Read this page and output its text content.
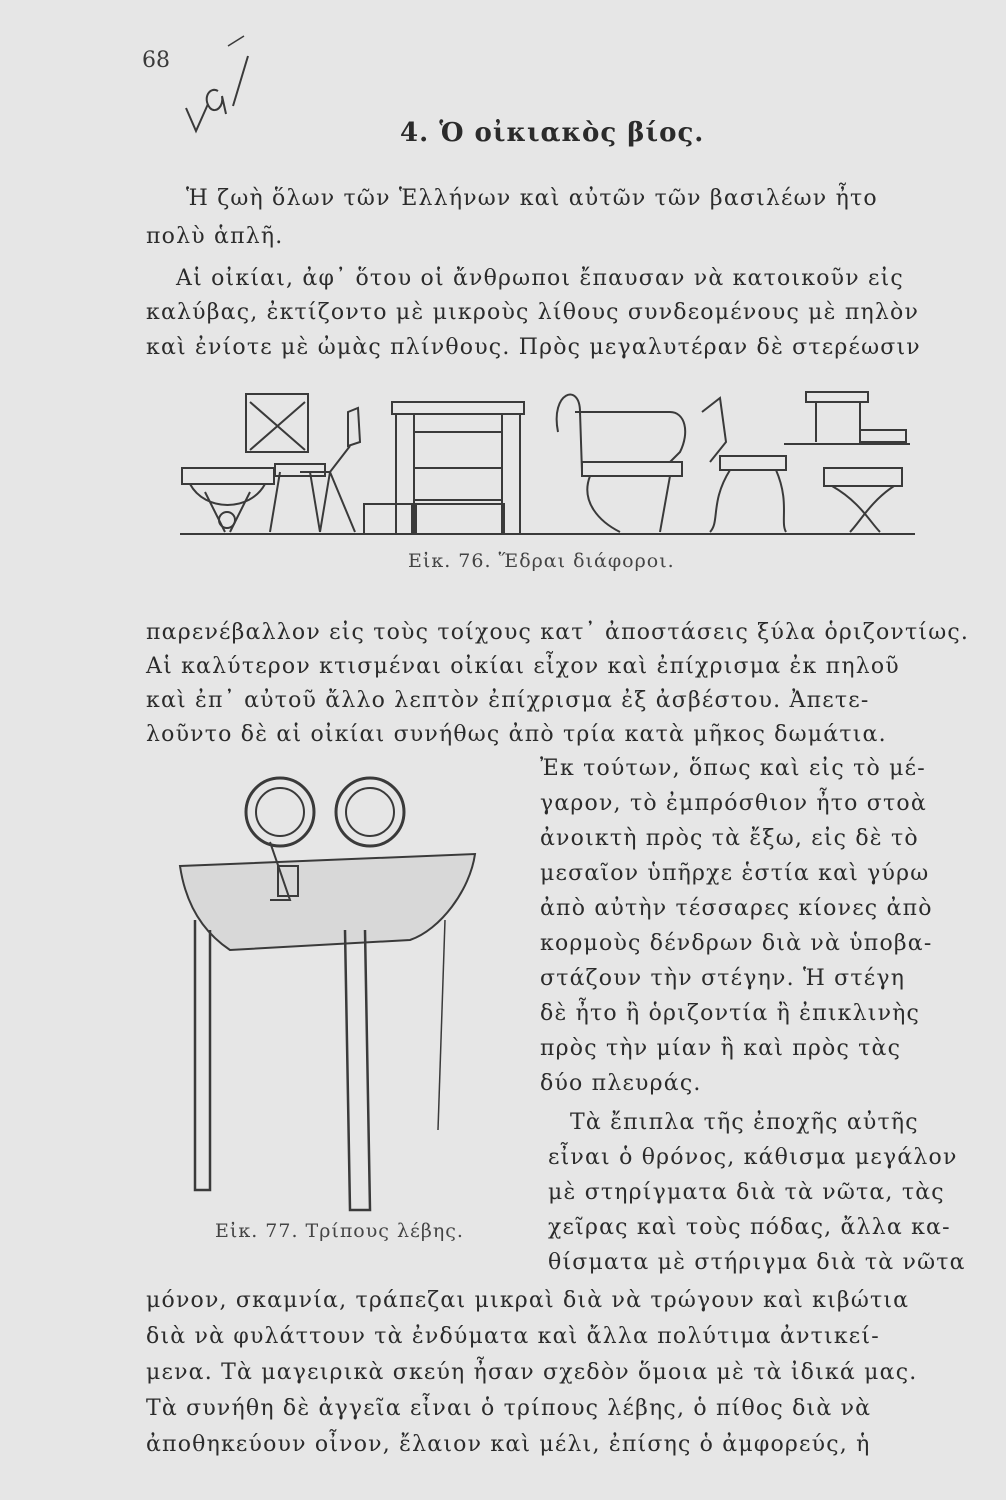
68
4. Ὁ οἰκιακὸς βίος.
Ἡ ζωὴ ὅλων τῶν Ἑλλήνων καὶ αὐτῶν τῶν βασιλέων ἦτο
πολὺ ἁπλῆ.
Αἱ οἰκίαι, ἀφ᾽ ὅτου οἱ ἄνθρωποι ἔπαυσαν νὰ κατοικοῦν εἰς
καλύβας, ἐκτίζοντο μὲ μικροὺς λίθους συνδεομένους μὲ πηλὸν
καὶ ἐνίοτε μὲ ὠμὰς πλίνθους. Πρὸς μεγαλυτέραν δὲ στερέωσιν
Εἰκ. 76. Ἕδραι διάφοροι.
παρενέβαλλον εἰς τοὺς τοίχους κατ᾽ ἀποστάσεις ξύλα ὁριζοντίως.
Αἱ καλύτερον κτισμέναι οἰκίαι εἶχον καὶ ἐπίχρισμα ἐκ πηλοῦ
καὶ ἐπ᾽ αὐτοῦ ἄλλο λεπτὸν ἐπίχρισμα ἐξ ἀσβέστου. Ἀπετε-
λοῦντο δὲ αἱ οἰκίαι συνήθως ἀπὸ τρία κατὰ μῆκος δωμάτια.
Εἰκ. 77. Τρίπους λέβης.
Ἐκ τούτων, ὅπως καὶ εἰς τὸ μέ-
γαρον, τὸ ἐμπρόσθιον ἦτο στοὰ
ἀνοικτὴ πρὸς τὰ ἔξω, εἰς δὲ τὸ
μεσαῖον ὑπῆρχε ἑστία καὶ γύρω
ἀπὸ αὐτὴν τέσσαρες κίονες ἀπὸ
κορμοὺς δένδρων διὰ νὰ ὑποβα-
στάζουν τὴν στέγην. Ἡ στέγη
δὲ ἦτο ἢ ὁριζοντία ἢ ἐπικλινὴς
πρὸς τὴν μίαν ἢ καὶ πρὸς τὰς
δύο πλευράς.
Τὰ ἔπιπλα τῆς ἐποχῆς αὐτῆς
εἶναι ὁ θρόνος, κάθισμα μεγάλον
μὲ στηρίγματα διὰ τὰ νῶτα, τὰς
χεῖρας καὶ τοὺς πόδας, ἄλλα κα-
θίσματα μὲ στήριγμα διὰ τὰ νῶτα
μόνον, σκαμνία, τράπεζαι μικραὶ διὰ νὰ τρώγουν καὶ κιβώτια
διὰ νὰ φυλάττουν τὰ ἐνδύματα καὶ ἄλλα πολύτιμα ἀντικεί-
μενα. Τὰ μαγειρικὰ σκεύη ἦσαν σχεδὸν ὅμοια μὲ τὰ ἰδικά μας.
Τὰ συνήθη δὲ ἀγγεῖα εἶναι ὁ τρίπους λέβης, ὁ πίθος διὰ νὰ
ἀποθηκεύουν οἶνον, ἔλαιον καὶ μέλι, ἐπίσης ὁ ἀμφορεύς, ἡ
